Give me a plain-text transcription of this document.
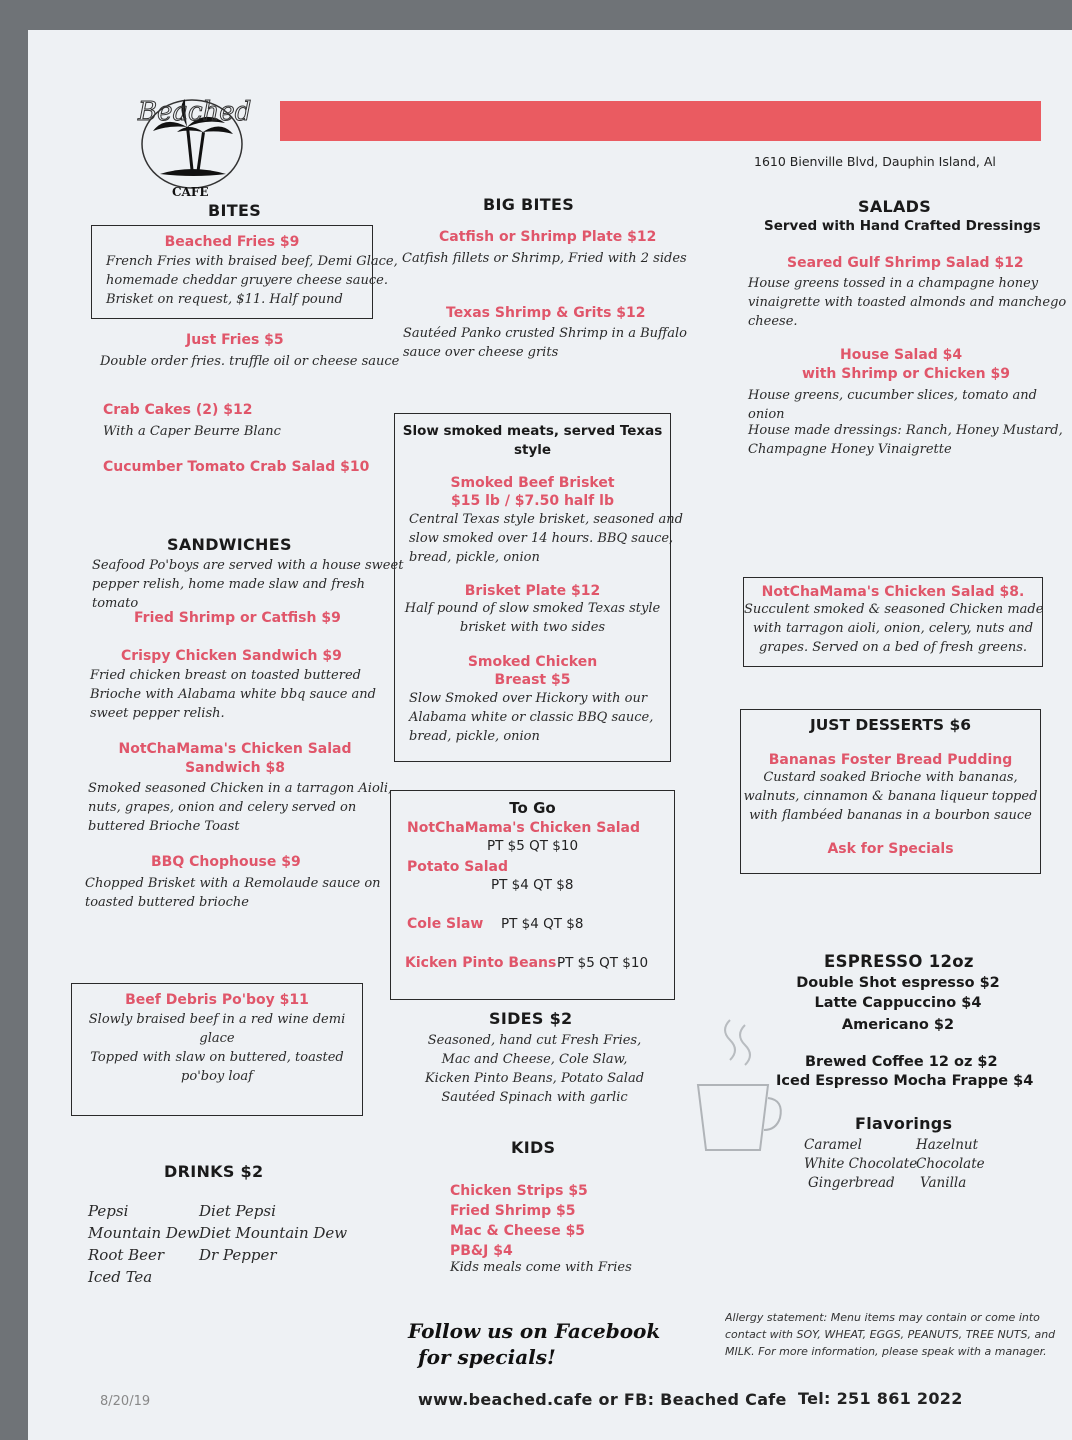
Beached
CAFE
1610 Bienville Blvd, Dauphin Island, Al
BITES
Beached Fries $9
French Fries with braised beef, Demi Glace,
homemade cheddar gruyere cheese sauce.
Brisket on request, $11. Half pound
Just Fries $5
Double order fries. truffle oil or cheese sauce
Crab Cakes (2) $12
With a Caper Beurre Blanc
Cucumber Tomato Crab Salad $10
SANDWICHES
Seafood Po'boys are served with a house sweet
pepper relish, home made slaw and fresh
tomato
Fried Shrimp or Catfish $9
Crispy Chicken Sandwich $9
Fried chicken breast on toasted buttered
Brioche with Alabama white bbq sauce and
sweet pepper relish.
NotChaMama's Chicken Salad
Sandwich $8
Smoked seasoned Chicken in a tarragon Aioli,
nuts, grapes, onion and celery served on
buttered Brioche Toast
BBQ Chophouse $9
Chopped Brisket with a Remolaude sauce on
toasted buttered brioche
Beef Debris Po'boy $11
Slowly braised beef in a red wine demi
glace
Topped with slaw on buttered, toasted
po'boy loaf
DRINKS $2
Pepsi
Mountain Dew
Root Beer
Iced Tea
Diet Pepsi
Diet Mountain Dew
Dr Pepper
BIG BITES
Catfish or Shrimp Plate $12
Catfish fillets or Shrimp, Fried with 2 sides
Texas Shrimp & Grits $12
Sautéed Panko crusted Shrimp in a Buffalo
sauce over cheese grits
Slow smoked meats, served Texas
style
Smoked Beef Brisket
$15 lb / $7.50 half lb
Central Texas style brisket, seasoned and
slow smoked over 14 hours. BBQ sauce,
bread, pickle, onion
Brisket Plate $12
Half pound of slow smoked Texas style
brisket with two sides
Smoked Chicken
Breast $5
Slow Smoked over Hickory with our
Alabama white or classic BBQ sauce,
bread, pickle, onion
To Go
NotChaMama's Chicken Salad
PT $5 QT $10
Potato Salad
PT $4 QT $8
Cole Slaw PT $4 QT $8
Kicken Pinto Beans PT $5 QT $10
SIDES $2
Seasoned, hand cut Fresh Fries,
Mac and Cheese, Cole Slaw,
Kicken Pinto Beans, Potato Salad
Sautéed Spinach with garlic
KIDS
Chicken Strips $5
Fried Shrimp $5
Mac & Cheese $5
PB&J $4
Kids meals come with Fries
SALADS
Served with Hand Crafted Dressings
Seared Gulf Shrimp Salad $12
House greens tossed in a champagne honey
vinaigrette with toasted almonds and manchego
cheese.
House Salad $4
with Shrimp or Chicken $9
House greens, cucumber slices, tomato and onion
House made dressings: Ranch, Honey Mustard,
Champagne Honey Vinaigrette
NotChaMama's Chicken Salad $8.
Succulent smoked & seasoned Chicken made
with tarragon aioli, onion, celery, nuts and
grapes. Served on a bed of fresh greens.
JUST DESSERTS $6
Bananas Foster Bread Pudding
Custard soaked Brioche with bananas,
walnuts, cinnamon & banana liqueur topped
with flambéed bananas in a bourbon sauce
Ask for Specials
ESPRESSO 12oz
Double Shot espresso $2
Latte Cappuccino $4
Americano $2
Brewed Coffee 12 oz $2
Iced Espresso Mocha Frappe $4
Flavorings
Caramel
White Chocolate
Gingerbread
Hazelnut
Chocolate
Vanilla
Follow us on Facebook
for specials!
Allergy statement: Menu items may contain or come into
contact with SOY, WHEAT, EGGS, PEANUTS, TREE NUTS, and
MILK. For more information, please speak with a manager.
8/20/19	www.beached.cafe or FB: Beached Cafe Tel: 251 861 2022
